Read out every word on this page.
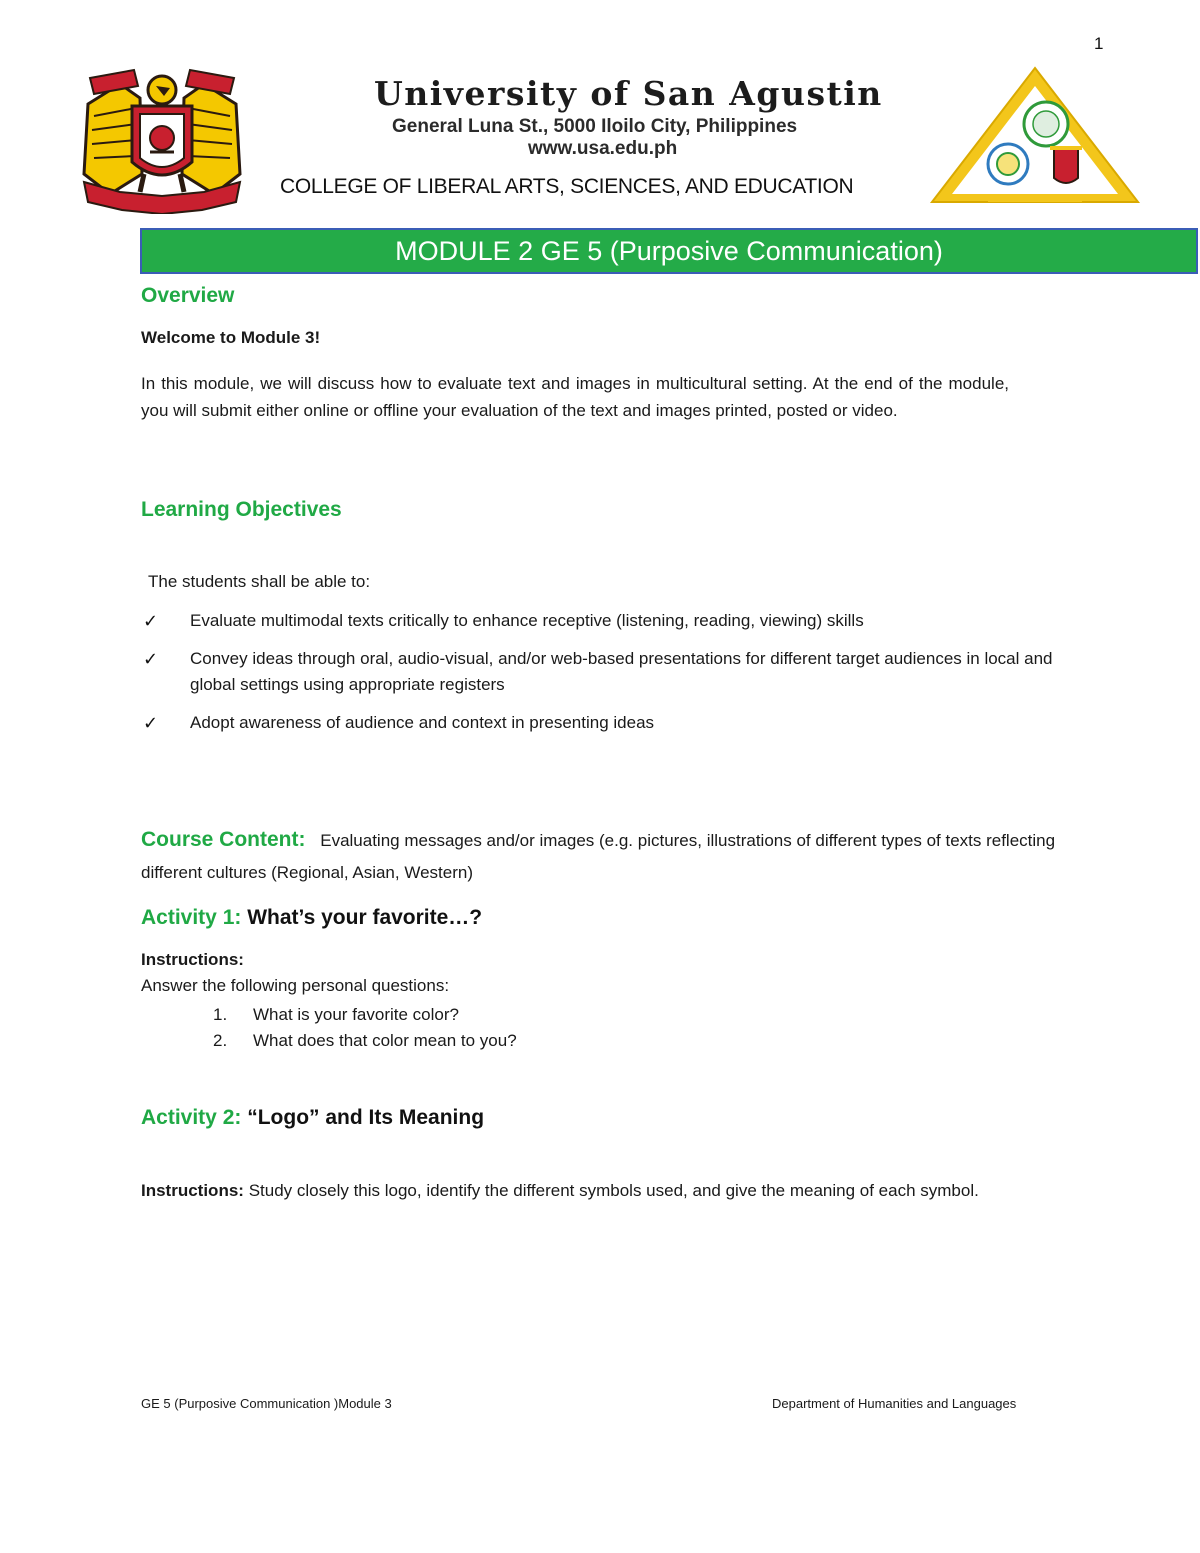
1
University of San Agustin
General Luna St., 5000 Iloilo City, Philippines
www.usa.edu.ph
COLLEGE OF LIBERAL ARTS, SCIENCES, AND EDUCATION
MODULE 2 GE 5 (Purposive Communication)
Overview
Welcome to Module 3!

In this module, we will discuss how to evaluate text and images in multicultural setting. At the end of the module, you will submit either online or offline your evaluation of the text and images printed, posted or video.

Learning Objectives
The students shall be able to:
✓ Evaluate multimodal texts critically to enhance receptive (listening, reading, viewing) skills
✓ Convey ideas through oral, audio-visual, and/or web-based presentations for different target audiences in local and global settings using appropriate registers
✓ Adopt awareness of audience and context in presenting ideas
Course Content: Evaluating messages and/or images (e.g. pictures, illustrations of different types of texts reflecting different cultures (Regional, Asian, Western)
Activity 1: What’s your favorite…?
Instructions:
Answer the following personal questions:
1. What is your favorite color?
2. What does that color mean to you?
Activity 2: “Logo” and Its Meaning
Instructions: Study closely this logo, identify the different symbols used, and give the meaning of each symbol.
GE 5 (Purposive Communication )Module 3	Department of Humanities and Languages
